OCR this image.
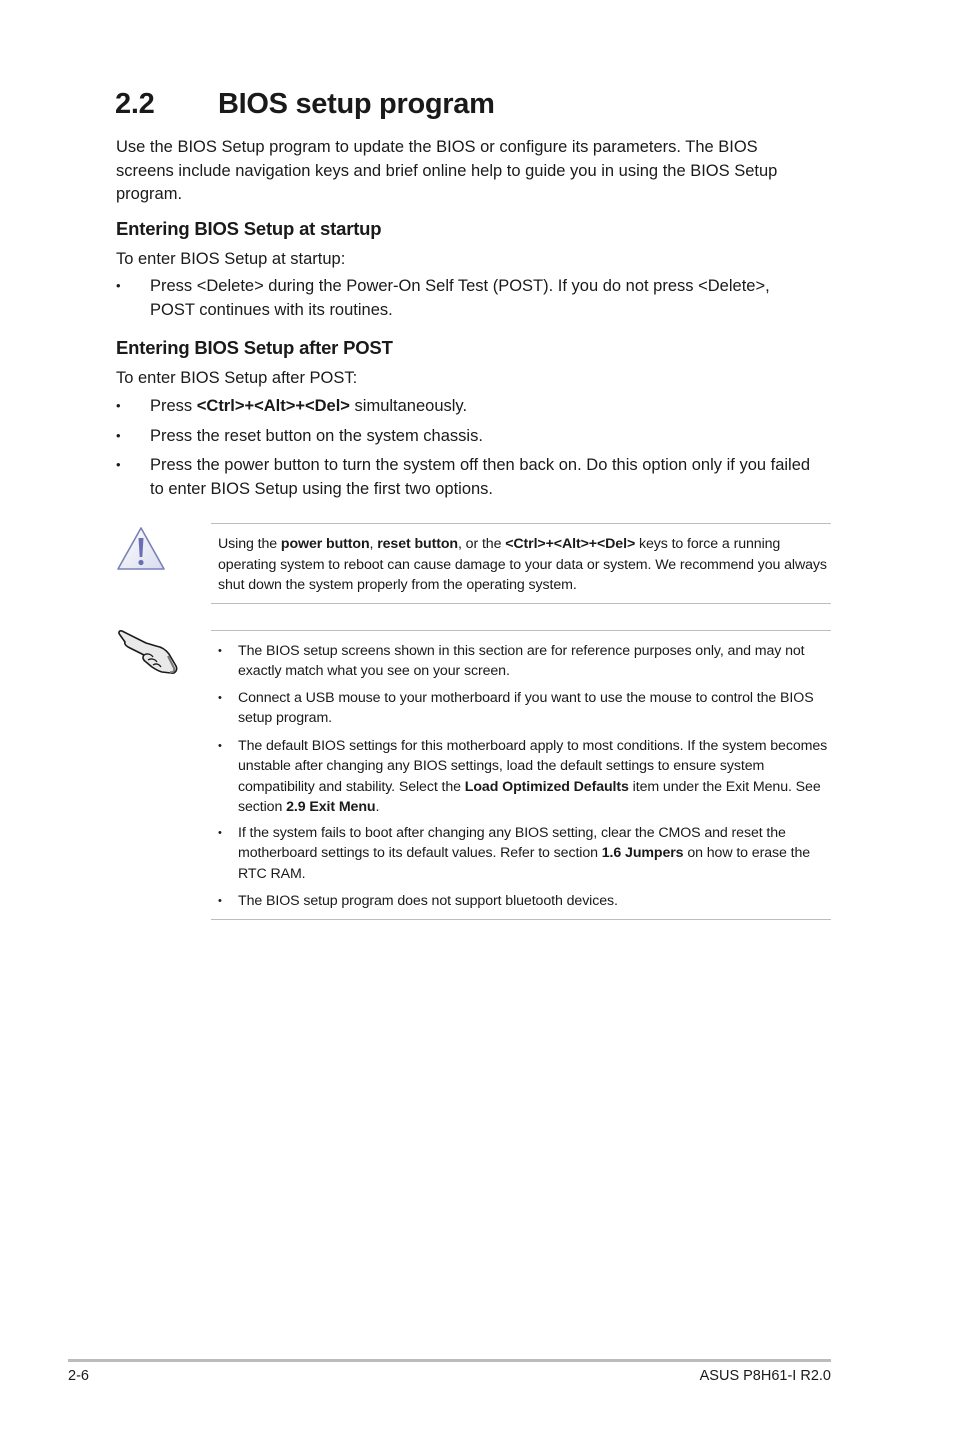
2.2 BIOS setup program

Use the BIOS Setup program to update the BIOS or configure its parameters. The BIOS screens include navigation keys and brief online help to guide you in using the BIOS Setup program.

Entering BIOS Setup at startup

To enter BIOS Setup at startup:

• Press <Delete> during the Power-On Self Test (POST). If you do not press <Delete>, POST continues with its routines.
Entering BIOS Setup after POST

To enter BIOS Setup after POST:

• Press <Ctrl>+<Alt>+<Del> simultaneously.
• Press the reset button on the system chassis.
• Press the power button to turn the system off then back on. Do this option only if you failed to enter BIOS Setup using the first two options.
Using the power button, reset button, or the <Ctrl>+<Alt>+<Del> keys to force a running operating system to reboot can cause damage to your data or system. We recommend you always shut down the system properly from the operating system.
• The BIOS setup screens shown in this section are for reference purposes only, and may not exactly match what you see on your screen.
• Connect a USB mouse to your motherboard if you want to use the mouse to control the BIOS setup program.
• The default BIOS settings for this motherboard apply to most conditions. If the system becomes unstable after changing any BIOS settings, load the default settings to ensure system compatibility and stability. Select the Load Optimized Defaults item under the Exit Menu. See section 2.9 Exit Menu.
• If the system fails to boot after changing any BIOS setting, clear the CMOS and reset the motherboard settings to its default values. Refer to section 1.6 Jumpers on how to erase the RTC RAM.
• The BIOS setup program does not support bluetooth devices.
2-6	ASUS P8H61-I R2.0
